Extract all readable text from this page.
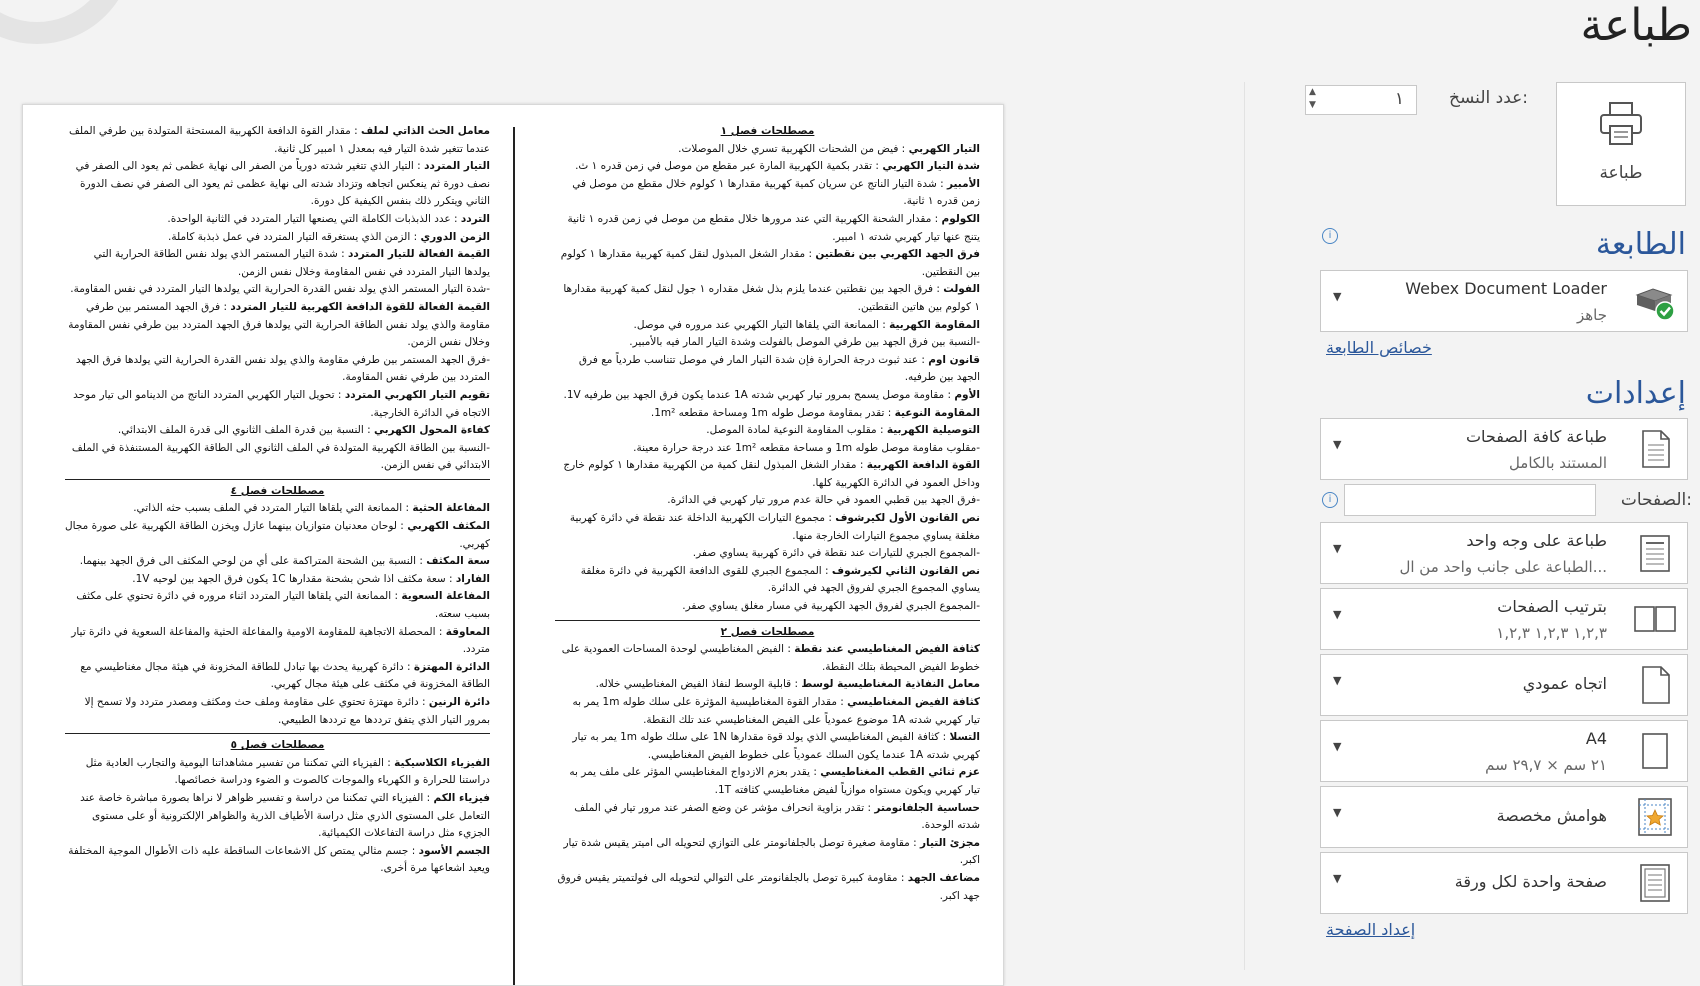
طباعة

مصطلحات فصل ١

التيار الكهربي : فيض من الشحنات الكهربية تسري خلال الموصلات.

شدة التيار الكهربي : تقدر بكمية الكهربية المارة عبر مقطع من موصل في زمن قدره ١ ث.

الأمبير : شدة التيار الناتج عن سريان كمية كهربية مقدارها ١ كولوم خلال مقطع من موصل في زمن قدره ١ ثانية.

الكولوم : مقدار الشحنة الكهربية التي عند مرورها خلال مقطع من موصل في زمن قدره ١ ثانية يتنج عنها تيار كهربي شدته ١ امبير.

فرق الجهد الكهربي بين نقطتين : مقدار الشغل المبذول لنقل كمية كهربية مقدارها ١ كولوم بين النقطتين.

الفولت : فرق الجهد بين نقطتين عندما يلزم بذل شغل مقداره ١ جول لنقل كمية كهربية مقدارها ١ كولوم بين هاتين النقطتين.

المقاومة الكهربية : الممانعة التي يلقاها التيار الكهربي عند مروره في موصل.

-النسبة بين فرق الجهد بين طرفي الموصل بالفولت وشدة التيار المار فيه بالأمبير.

قانون اوم : عند ثبوت درجة الحرارة فإن شدة التيار المار في موصل تتناسب طردياً مع فرق الجهد بين طرفيه.

الأوم : مقاومة موصل يسمح بمرور تيار كهربي شدته 1A عندما يكون فرق الجهد بين طرفيه 1V.

المقاومة النوعية : تقدر بمقاومة موصل طوله 1m ومساحة مقطعه 1m².

التوصيلية الكهربية : مقلوب المقاومة النوعية لمادة الموصل.

-مقلوب مقاومة موصل طوله 1m و مساحة مقطعه 1m² عند درجة حرارة معينة.

القوة الدافعة الكهربية : مقدار الشغل المبذول لنقل كمية من الكهربية مقدارها ١ كولوم خارج وداخل العمود في الدائرة الكهربية كلها.

-فرق الجهد بين قطبي العمود في حالة عدم مرور تيار كهربي في الدائرة.

نص القانون الأول لكيرشوف : مجموع التيارات الكهربية الداخلة عند نقطة في دائرة كهربية مغلقة يساوي مجموع التيارات الخارجة منها.

-المجموع الجبري للتيارات عند نقطة في دائرة كهربية يساوي صفر.

نص القانون الثاني لكيرشوف : المجموع الجبري للقوى الدافعة الكهربية في دائرة مغلقة يساوي المجموع الجبري لفروق الجهد في الدائرة.

-المجموع الجبري لفروق الجهد الكهربية في مسار مغلق يساوي صفر.

مصطلحات فصل ٢

كثافة الفيض المغناطيسي عند نقطة : الفيض المغناطيسي لوحدة المساحات العمودية على خطوط الفيض المحيطة بتلك النقطة.

معامل النفاذية المغناطيسية لوسط : قابلية الوسط لنفاذ الفيض المغناطيسي خلاله.

كثافة الفيض المغناطيسي : مقدار القوة المغناطيسية المؤثرة على سلك طوله 1m يمر به تيار كهربي شدته 1A موضوع عمودياً على الفيض المغناطيسي عند تلك النقطة.

التسلا : كثافة الفيض المغناطيسي الذي يولد قوة مقدارها 1N على سلك طوله 1m يمر به تيار كهربي شدته 1A عندما يكون السلك عمودياً على خطوط الفيض المغناطيسي.

عزم ثنائي القطب المغناطيسي : يقدر بعزم الازدواج المغناطيسي المؤثر على ملف يمر به تيار كهربي ويكون مستواه موازياً لفيض مغناطيسي كثافته 1T.

حساسية الجلفانومتر : تقدر بزاوية انحراف مؤشر عن وضع الصفر عند مرور تيار في الملف شدته الوحدة.

مجزئ التيار : مقاومة صغيرة توصل بالجلفانومتر على التوازي لتحويله الى اميتر يقيس شدة تيار اكبر.

مضاعف الجهد : مقاومة كبيرة توصل بالجلفانومتر على التوالي لتحويله الى فولتميتر يقيس فروق جهد اكبر.

معامل الحث الذاتي لملف : مقدار القوة الدافعة الكهربية المستحثة المتولدة بين طرفي الملف عندما تتغير شدة التيار فيه بمعدل ١ امبير كل ثانية.

التيار المتردد : التيار الذي تتغير شدته دورياً من الصفر الى نهاية عظمى ثم يعود الى الصفر في نصف دورة ثم ينعكس اتجاهه وتزداد شدته الى نهاية عظمى ثم يعود الى الصفر في نصف الدورة الثاني ويتكرر ذلك بنفس الكيفية كل دورة.

التردد : عدد الذبذبات الكاملة التي يصنعها التيار المتردد في الثانية الواحدة.

الزمن الدوري : الزمن الذي يستغرقه التيار المتردد في عمل ذبذبة كاملة.

القيمة الفعالة للتيار المتردد : شدة التيار المستمر الذي يولد نفس الطاقة الحرارية التي يولدها التيار المتردد في نفس المقاومة وخلال نفس الزمن.

-شدة التيار المستمر الذي يولد نفس القدرة الحرارية التي يولدها التيار المتردد في نفس المقاومة.

القيمة الفعالة للقوة الدافعة الكهربية للتيار المتردد : فرق الجهد المستمر بين طرفي مقاومة والذي يولد نفس الطاقة الحرارية التي يولدها فرق الجهد المتردد بين طرفي نفس المقاومة وخلال نفس الزمن.

-فرق الجهد المستمر بين طرفي مقاومة والذي يولد نفس القدرة الحرارية التي يولدها فرق الجهد المتردد بين طرفي نفس المقاومة.

تقويم التيار الكهربي المتردد : تحويل التيار الكهربي المتردد الناتج من الدينامو الى تيار موحد الاتجاه في الدائرة الخارجية.

كفاءة المحول الكهربي : النسبة بين قدرة الملف الثانوي الى قدرة الملف الابتدائي.

-النسبة بين الطاقة الكهربية المتولدة في الملف الثانوي الى الطاقة الكهربية المستنفذة في الملف الابتدائي في نفس الزمن.

مصطلحات فصل ٤

المفاعلة الحثية : الممانعة التي يلقاها التيار المتردد في الملف بسبب حثه الذاتي.

المكثف الكهربي : لوحان معدنيان متوازيان بينهما عازل ويخزن الطاقة الكهربية على صورة مجال كهربي.

سعة المكثف : النسبة بين الشحنة المتراكمة على أي من لوحي المكثف الى فرق الجهد بينهما.

الفاراد : سعة مكثف اذا شحن بشحنة مقدارها 1C يكون فرق الجهد بين لوحيه 1V.

المفاعلة السعوية : الممانعة التي يلقاها التيار المتردد اثناء مروره في دائرة تحتوي على مكثف بسبب سعته.

المعاوقة : المحصلة الاتجاهية للمقاومة الاومية والمفاعلة الحثية والمفاعلة السعوية في دائرة تيار متردد.

الدائرة المهتزة : دائرة كهربية يحدث بها تبادل للطاقة المخزونة في هيئة مجال مغناطيسي مع الطاقة المخزونة في مكثف على هيئة مجال كهربي.

دائرة الرنين : دائرة مهتزة تحتوي على مقاومة وملف حث ومكثف ومصدر متردد ولا تسمح إلا بمرور التيار الذي يتفق ترددها مع ترددها الطبيعي.

مصطلحات فصل ٥

الفيزياء الكلاسيكية : الفيزياء التي تمكننا من تفسير مشاهداتنا اليومية والتجارب العادية مثل دراستنا للحرارة و الكهرباء والموجات كالصوت و الضوء ودراسة خصائصها.

فيزياء الكم : الفيزياء التي تمكننا من دراسة و تفسير ظواهر لا نراها بصورة مباشرة خاصة عند التعامل على المستوى الذري مثل دراسة الأطياف الذرية والظواهر الإلكترونية أو على مستوى الجزيء مثل دراسة التفاعلات الكيميائية.

الجسم الأسود : جسم مثالي يمتص كل الاشعاعات الساقطة عليه ذات الأطوال الموجية المختلفة ويعيد اشعاعها مرة أخرى.

طباعة
عدد النسخ:
▲
▼	١
الطابعة
i
Webex Document Loader
جاهز
▼
خصائص الطابعة
إعدادات
طباعة كافة الصفحات
المستند بالكامل
▼
الصفحات:
i
طباعة على وجه واحد
الطباعة على جانب واحد من ال...
▼
بترتيب الصفحات
١,٢,٣ ١,٢,٣ ١,٢,٣
▼
اتجاه عمودي
▼
A4
٢١ سم × ٢٩,٧ سم
▼
هوامش مخصصة
▼
صفحة واحدة لكل ورقة
▼
إعداد الصفحة
